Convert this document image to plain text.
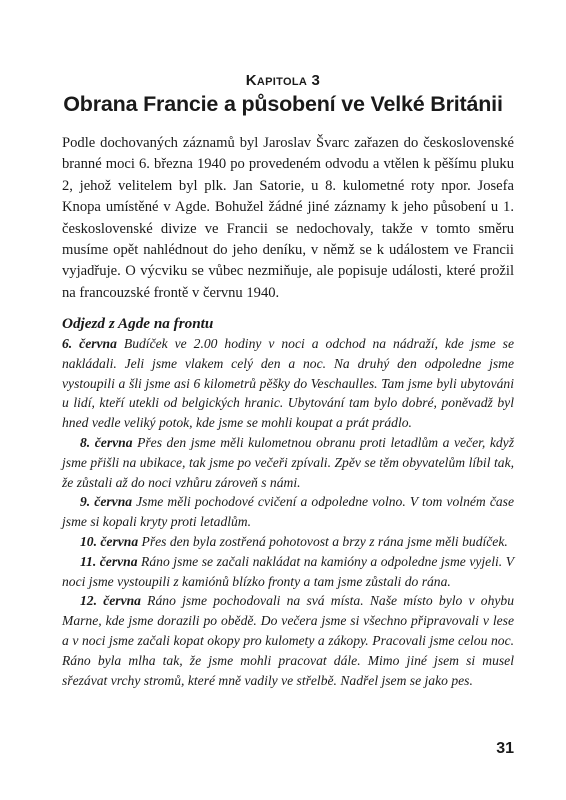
Kapitola 3
Obrana Francie a působení ve Velké Británii

Podle dochovaných záznamů byl Jaroslav Švarc zařazen do československé branné moci 6. března 1940 po provedeném odvodu a vtělen k pěšímu pluku 2, jehož velitelem byl plk. Jan Satorie, u 8. kulometné roty npor. Josefa Knopa umístěné v Agde. Bohužel žádné jiné záznamy k jeho působení u 1. československé divize ve Francii se nedochovaly, takže v tomto směru musíme opět nahlédnout do jeho deníku, v němž se k událostem ve Francii vyjadřuje. O výcviku se vůbec nezmiňuje, ale popisuje události, které prožil na francouzské frontě v červnu 1940.

Odjezd z Agde na frontu

6. června Budíček ve 2.00 hodiny v noci a odchod na nádraží, kde jsme se nakládali. Jeli jsme vlakem celý den a noc. Na druhý den odpoledne jsme vystoupili a šli jsme asi 6 kilometrů pěšky do Veschaulles. Tam jsme byli ubytováni u lidí, kteří utekli od belgických hranic. Ubytování tam bylo dobré, poněvadž byl hned vedle veliký potok, kde jsme se mohli koupat a prát prádlo.

8. června Přes den jsme měli kulometnou obranu proti letadlům a večer, když jsme přišli na ubikace, tak jsme po večeři zpívali. Zpěv se těm obyvatelům líbil tak, že zůstali až do noci vzhůru zároveň s námi.

9. června Jsme měli pochodové cvičení a odpoledne volno. V tom volném čase jsme si kopali kryty proti letadlům.

10. června Přes den byla zostřená pohotovost a brzy z rána jsme měli budíček.

11. června Ráno jsme se začali nakládat na kamióny a odpoledne jsme vyjeli. V noci jsme vystoupili z kamiónů blízko fronty a tam jsme zůstali do rána.

12. června Ráno jsme pochodovali na svá místa. Naše místo bylo v ohybu Marne, kde jsme dorazili po obědě. Do večera jsme si všechno připravovali v lese a v noci jsme začali kopat okopy pro kulomety a zákopy. Pracovali jsme celou noc. Ráno byla mlha tak, že jsme mohli pracovat dále. Mimo jiné jsem si musel sřezávat vrchy stromů, které mně vadily ve střelbě. Nadřel jsem se jako pes.

31
